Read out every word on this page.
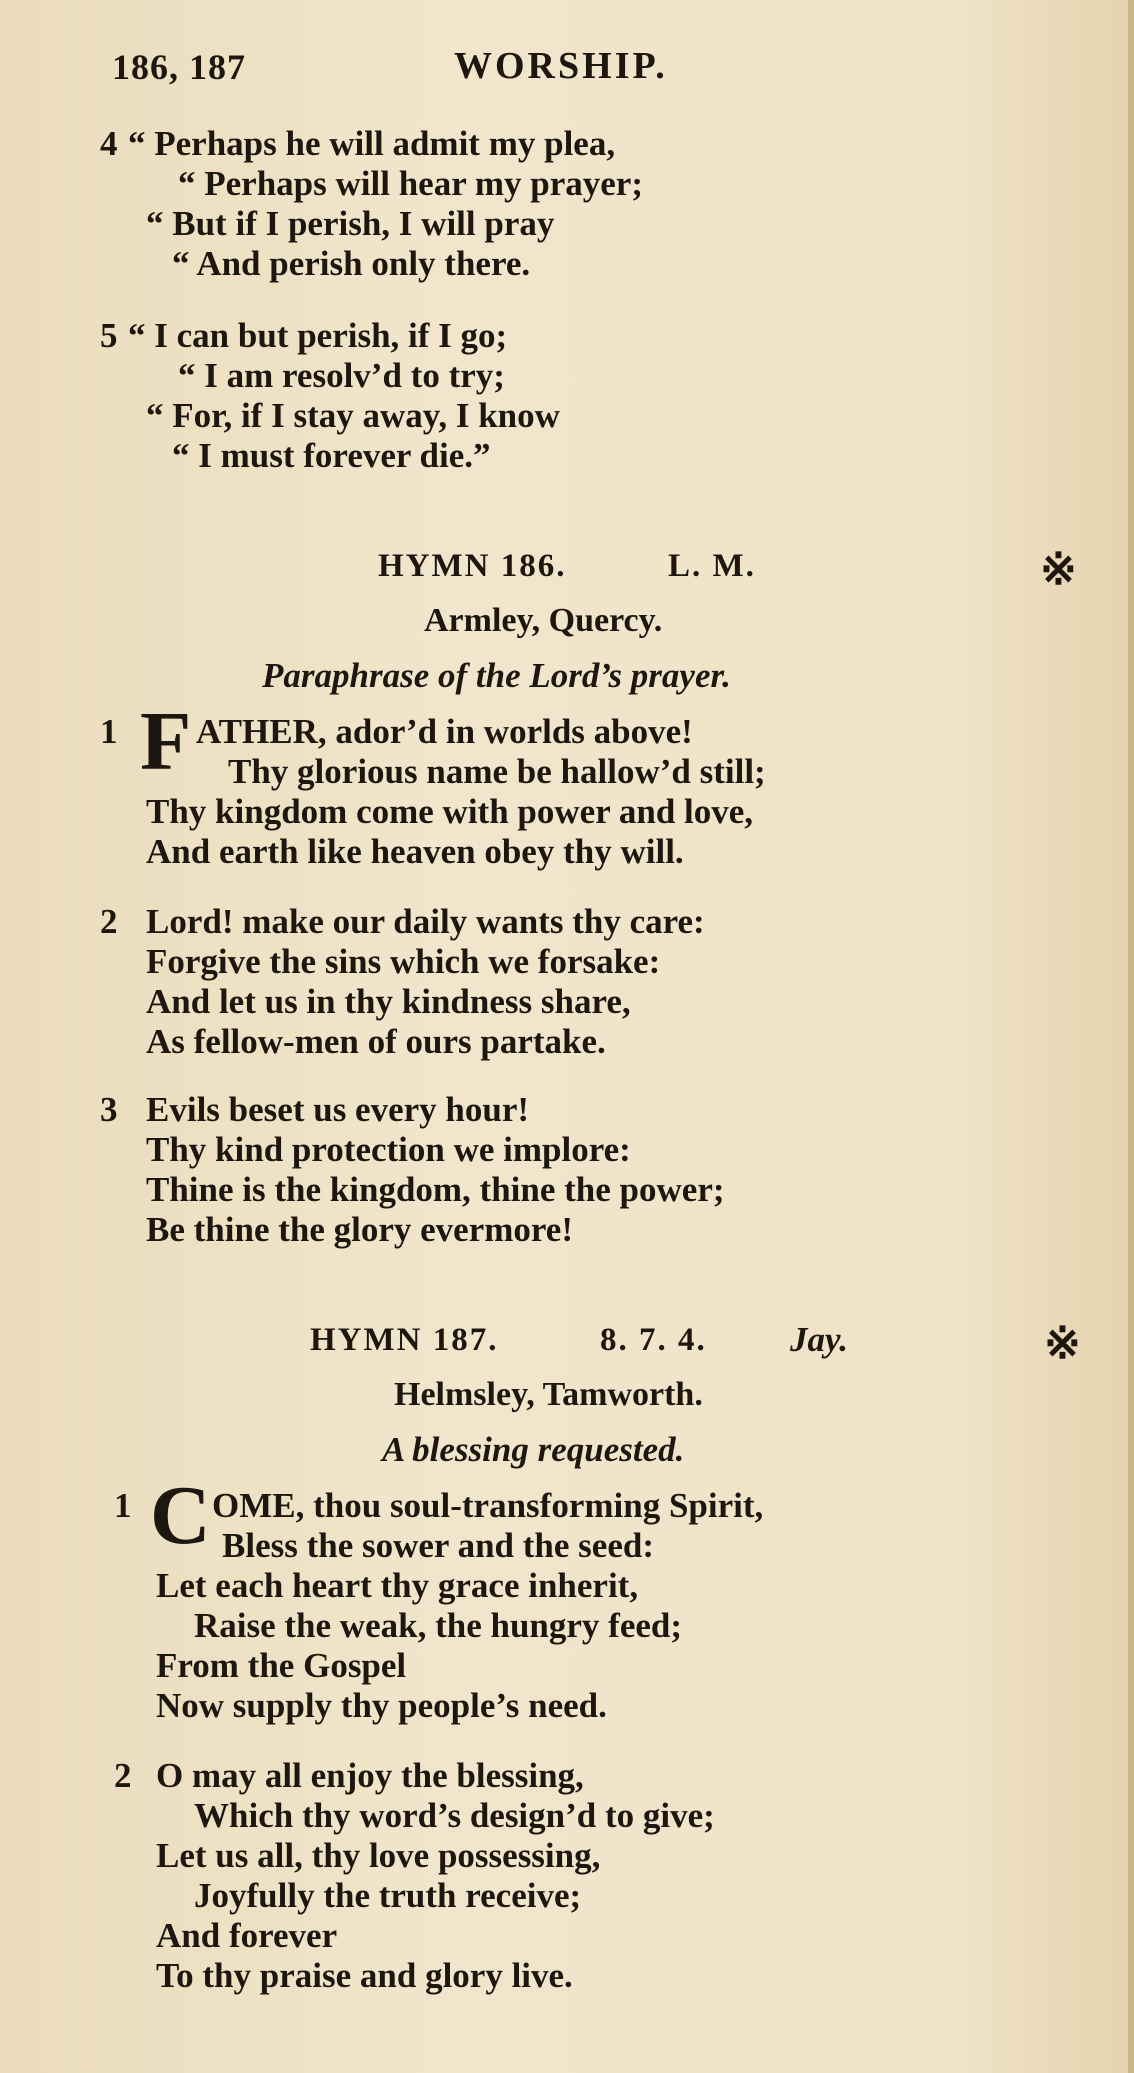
186, 187	WORSHIP.
4 “ Perhaps he will admit my plea,
“ Perhaps will hear my prayer;
“ But if I perish, I will pray
“ And perish only there.
5 “ I can but perish, if I go;
“ I am resolv’d to try;
“ For, if I stay away, I know
“ I must forever die.”
HYMN 186.	L. M.	※
Armley, Quercy.
Paraphrase of the Lord’s prayer.
1 F ATHER, ador’d in worlds above!
Thy glorious name be hallow’d still;
Thy kingdom come with power and love,
And earth like heaven obey thy will.
2 Lord! make our daily wants thy care:
Forgive the sins which we forsake:
And let us in thy kindness share,
As fellow-men of ours partake.
3 Evils beset us every hour!
Thy kind protection we implore:
Thine is the kingdom, thine the power;
Be thine the glory evermore!
HYMN 187.	8. 7. 4. Jay.	※
Helmsley, Tamworth.
A blessing requested.
1 C OME, thou soul-transforming Spirit,
Bless the sower and the seed:
Let each heart thy grace inherit,
Raise the weak, the hungry feed;
From the Gospel
Now supply thy people’s need.
2 O may all enjoy the blessing,
Which thy word’s design’d to give;
Let us all, thy love possessing,
Joyfully the truth receive;
And forever
To thy praise and glory live.
